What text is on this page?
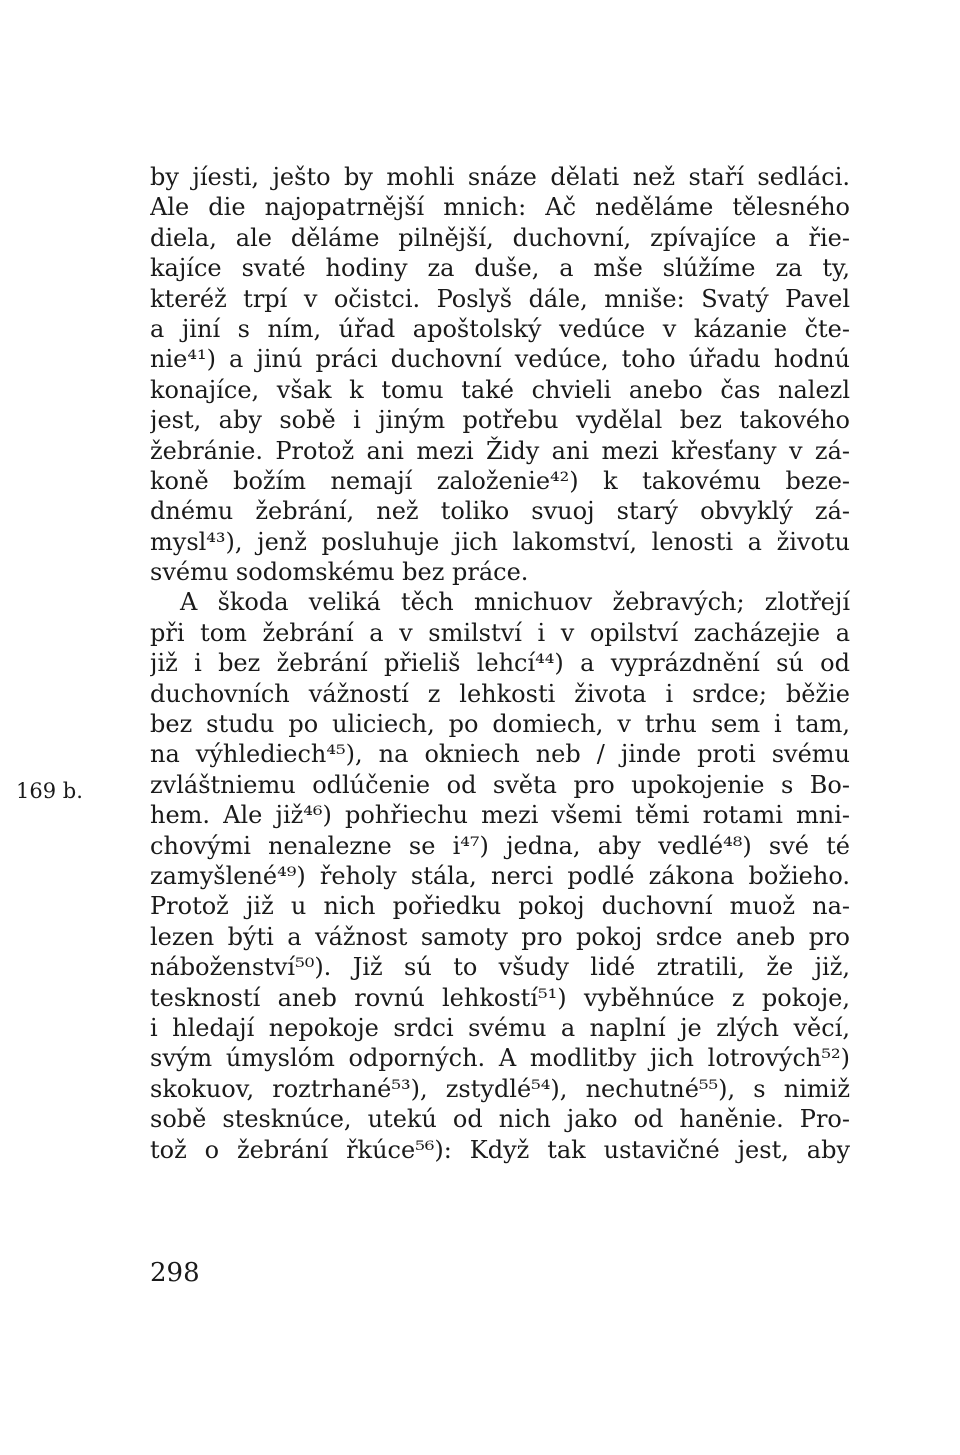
by jíesti, ješto by mohli snáze dělati než staří sedláci.
Ale die najopatrnější mnich: Ač neděláme tělesného
diela, ale děláme pilnější, duchovní, zpívajíce a řie-
kajíce svaté hodiny za duše, a mše slúžíme za ty,
kteréž trpí v očistci. Poslyš dále, mniše: Svatý Pavel
a jiní s ním, úřad apoštolský vedúce v kázanie čte-
nie⁴¹) a jinú práci duchovní vedúce, toho úřadu hodnú
konajíce, však k tomu také chvieli anebo čas nalezl
jest, aby sobě i jiným potřebu vydělal bez takového
žebránie. Protož ani mezi Židy ani mezi křesťany v zá-
koně božím nemají založenie⁴²) k takovému beze-
dnému žebrání, než toliko svuoj starý obvyklý zá-
mysl⁴³), jenž posluhuje jich lakomství, lenosti a životu
svému sodomskému bez práce.
A škoda veliká těch mnichuov žebravých; zlotřejí
při tom žebrání a v smilství i v opilství zacházejie a
již i bez žebrání přieliš lehcí⁴⁴) a vyprázdnění sú od
duchovních vážností z lehkosti života i srdce; běžie
bez studu po uliciech, po domiech, v trhu sem i tam,
na výhlediech⁴⁵), na okniech neb / jinde proti svému
zvláštniemu odlúčenie od světa pro upokojenie s Bo-
hem. Ale již⁴⁶) pohřiechu mezi všemi těmi rotami mni-
chovými nenalezne se i⁴⁷) jedna, aby vedlé⁴⁸) své té
zamyšlené⁴⁹) řeholy stála, nerci podlé zákona božieho.
Protož již u nich pořiedku pokoj duchovní muož na-
lezen býti a vážnost samoty pro pokoj srdce aneb pro
náboženství⁵⁰). Již sú to všudy lidé ztratili, že již,
teskností aneb rovnú lehkostí⁵¹) vyběhnúce z pokoje,
i hledají nepokoje srdci svému a naplní je zlých věcí,
svým úmyslóm odporných. A modlitby jich lotrových⁵²)
skokuov, roztrhané⁵³), zstydlé⁵⁴), nechutné⁵⁵), s nimiž
sobě stesknúce, utekú od nich jako od haněnie. Pro-
tož o žebrání řkúce⁵⁶): Když tak ustavičné jest, aby
169 b.
298
